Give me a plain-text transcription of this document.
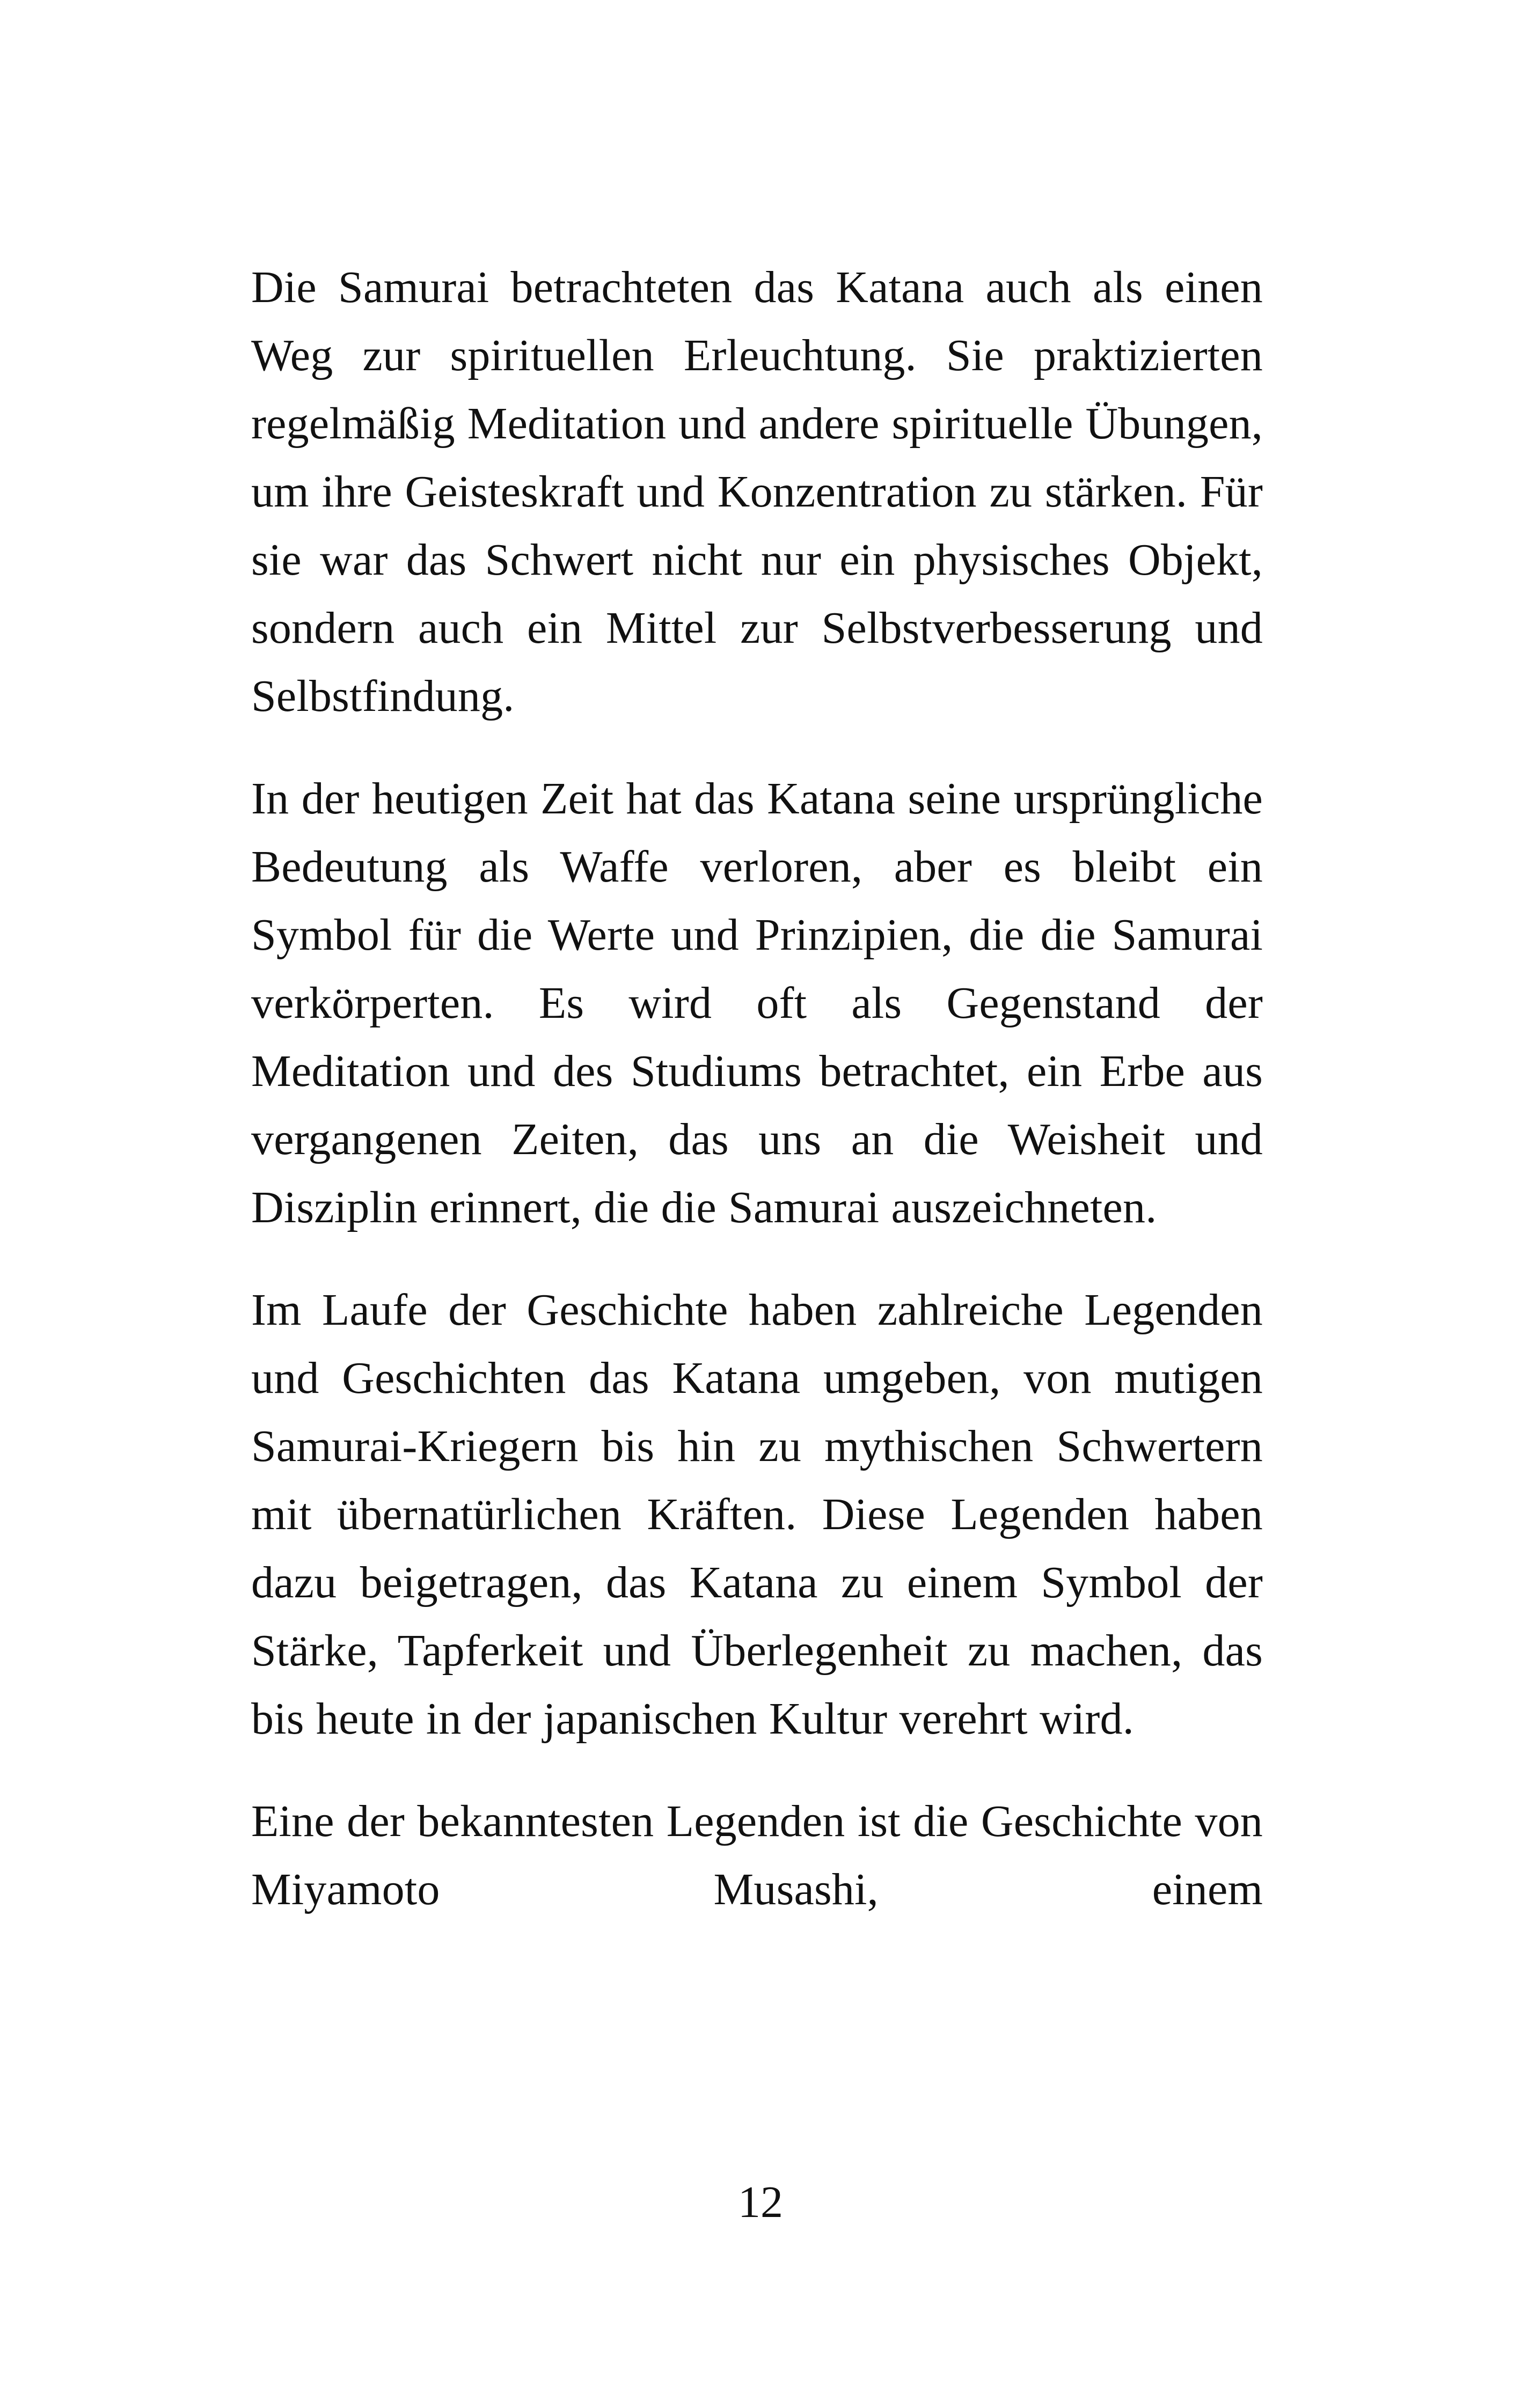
Die Samurai betrachteten das Katana auch als einen Weg zur spirituellen Erleuchtung. Sie praktizierten regelmäßig Meditation und andere spirituelle Übungen, um ihre Geisteskraft und Konzentration zu stärken. Für sie war das Schwert nicht nur ein physisches Objekt, sondern auch ein Mittel zur Selbstverbesserung und Selbstfindung.

In der heutigen Zeit hat das Katana seine ursprüngliche Bedeutung als Waffe verloren, aber es bleibt ein Symbol für die Werte und Prinzipien, die die Samurai verkörperten. Es wird oft als Gegenstand der Meditation und des Studiums betrachtet, ein Erbe aus vergangenen Zeiten, das uns an die Weisheit und Disziplin erinnert, die die Samurai auszeichneten.

Im Laufe der Geschichte haben zahlreiche Legenden und Geschichten das Katana umgeben, von mutigen Samurai-Kriegern bis hin zu mythischen Schwertern mit übernatürlichen Kräften. Diese Legenden haben dazu beigetragen, das Katana zu einem Symbol der Stärke, Tapferkeit und Überlegenheit zu machen, das bis heute in der japanischen Kultur verehrt wird.

Eine der bekanntesten Legenden ist die Geschichte von Miyamoto Musashi, einem

12
